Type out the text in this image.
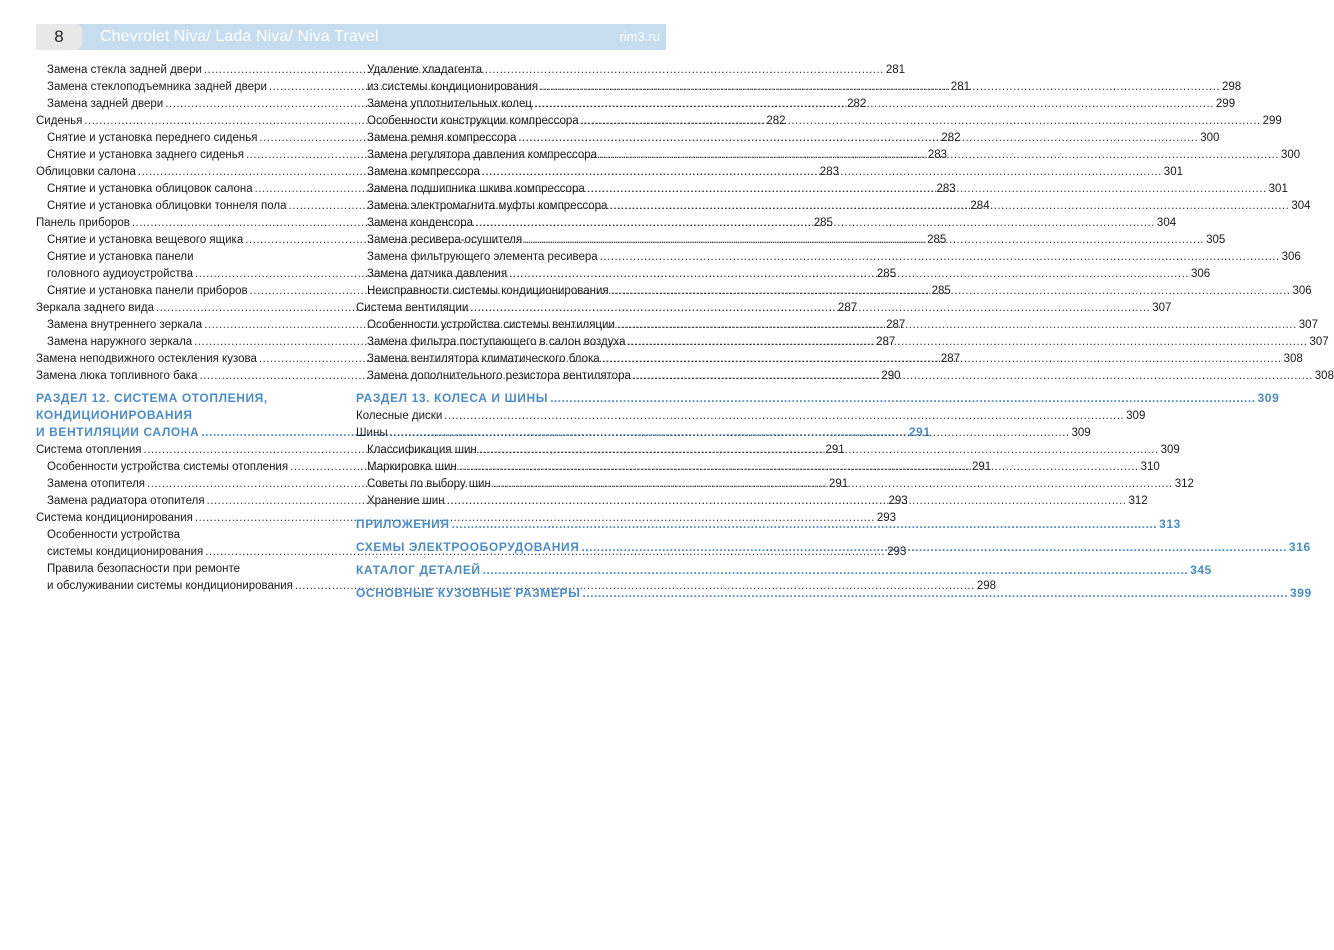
8	Chevrolet Niva/ Lada Niva/ Niva Travel	rim3.ru
Замена стекла задней двери .....	281
Замена стеклоподъемника задней двери .....	281
Замена задней двери .....	282
Сиденья .....	282
Снятие и установка переднего сиденья .....	282
Снятие и установка заднего сиденья .....	283
Облицовки салона .....	283
Снятие и установка облицовок салона .....	283
Снятие и установка облицовки тоннеля пола .....	284
Панель приборов .....	285
Снятие и установка вещевого ящика .....	285
Снятие и установка панели
головного аудиоустройства .....	285
Снятие и установка панели приборов .....	285
Зеркала заднего вида .....	287
Замена внутреннего зеркала .....	287
Замена наружного зеркала .....	287
Замена неподвижного остекления кузова .....	287
Замена люка топливного бака .....	290
РАЗДЕЛ 12. СИСТЕМА ОТОПЛЕНИЯ,
КОНДИЦИОНИРОВАНИЯ
И ВЕНТИЛЯЦИИ САЛОНА .....	291
Система отопления .....	291
Особенности устройства системы отопления .....	291
Замена отопителя .....	291
Замена радиатора отопителя .....	293
Система кондиционирования .....	293
Особенности устройства
системы кондиционирования .....	293
Правила безопасности при ремонте
и обслуживании системы кондиционирования .....	298
Удаление хладагента
из системы кондиционирования .....	298
Замена уплотнительных колец .....	299
Особенности конструкции компрессора .....	299
Замена ремня компрессора .....	300
Замена регулятора давления компрессора .....	300
Замена компрессора .....	301
Замена подшипника шкива компрессора .....	301
Замена электромагнита муфты компрессора .....	304
Замена конденсора .....	304
Замена ресивера-осушителя .....	305
Замена фильтрующего элемента ресивера .....	306
Замена датчика давления .....	306
Неисправности системы кондиционирования .....	306
Система вентиляции .....	307
Особенности устройства системы вентиляции .....	307
Замена фильтра поступающего в салон воздуха .....	307
Замена вентилятора климатического блока .....	308
Замена дополнительного резистора вентилятора .....	308
РАЗДЕЛ 13. КОЛЕСА И ШИНЫ .....	309
Колесные диски .....	309
Шины .....	309
Классификация шин .....	309
Маркировка шин .....	310
Советы по выбору шин .....	312
Хранение шин .....	312
ПРИЛОЖЕНИЯ .....	313
СХЕМЫ ЭЛЕКТРООБОРУДОВАНИЯ .....	316
КАТАЛОГ ДЕТАЛЕЙ .....	345
ОСНОВНЫЕ КУЗОВНЫЕ РАЗМЕРЫ .....	399
